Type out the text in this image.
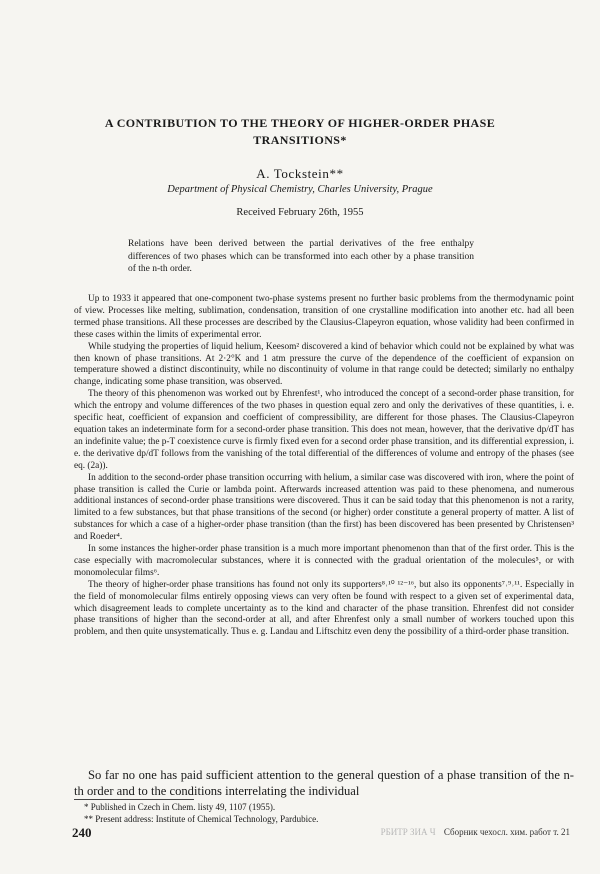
A CONTRIBUTION TO THE THEORY OF HIGHER-ORDER PHASE TRANSITIONS*
A. Tockstein**
Department of Physical Chemistry, Charles University, Prague
Received February 26th, 1955
Relations have been derived between the partial derivatives of the free enthalpy differences of two phases which can be transformed into each other by a phase transition of the n-th order.

Up to 1933 it appeared that one-component two-phase systems present no further basic problems from the thermodynamic point of view. Processes like melting, sublimation, condensation, transition of one crystalline modification into another etc. had all been termed phase transitions. All these processes are described by the Clausius-Clapeyron equation, whose validity had been confirmed in these cases within the limits of experimental error.

While studying the properties of liquid helium, Keesom² discovered a kind of behavior which could not be explained by what was then known of phase transitions. At 2·2°K and 1 atm pressure the curve of the dependence of the coefficient of expansion on temperature showed a distinct discontinuity, while no discontinuity of volume in that range could be detected; similarly no enthalpy change, indicating some phase transition, was observed.

The theory of this phenomenon was worked out by Ehrenfest¹, who introduced the concept of a second-order phase transition, for which the entropy and volume differences of the two phases in question equal zero and only the derivatives of these quantities, i. e. specific heat, coefficient of expansion and coefficient of compressibility, are different for those phases. The Clausius-Clapeyron equation takes an indeterminate form for a second-order phase transition. This does not mean, however, that the derivative dp/dT has an indefinite value; the p-T coexistence curve is firmly fixed even for a second order phase transition, and its differential expression, i. e. the derivative dp/dT follows from the vanishing of the total differential of the differences of volume and entropy of the phases (see eq. (2a)).

In addition to the second-order phase transition occurring with helium, a similar case was discovered with iron, where the point of phase transition is called the Curie or lambda point. Afterwards increased attention was paid to these phenomena, and numerous additional instances of second-order phase transitions were discovered. Thus it can be said today that this phenomenon is not a rarity, limited to a few substances, but that phase transitions of the second (or higher) order constitute a general property of matter. A list of substances for which a case of a higher-order phase transition (than the first) has been discovered has been presented by Christensen³ and Roeder⁴.

In some instances the higher-order phase transition is a much more important phenomenon than that of the first order. This is the case especially with macromolecular substances, where it is connected with the gradual orientation of the molecules⁵, or with monomolecular films⁶.

The theory of higher-order phase transitions has found not only its supporters⁸˒¹⁰ ¹²⁻¹⁶, but also its opponents⁷˒⁹˒¹¹. Especially in the field of monomolecular films entirely opposing views can very often be found with respect to a given set of experimental data, which disagreement leads to complete uncertainty as to the kind and character of the phase transition. Ehrenfest did not consider phase transitions of higher than the second-order at all, and after Ehrenfest only a small number of workers touched upon this problem, and then quite unsystematically. Thus e. g. Landau and Liftschitz even deny the possibility of a third-order phase transition.

So far no one has paid sufficient attention to the general question of a phase transition of the n-th order and to the conditions interrelating the individual

* Published in Czech in Chem. listy 49, 1107 (1955).
** Present address: Institute of Chemical Technology, Pardubice.
240	РБИТР ЗИА Ч Сборник чехосл. хим. работ т. 21
